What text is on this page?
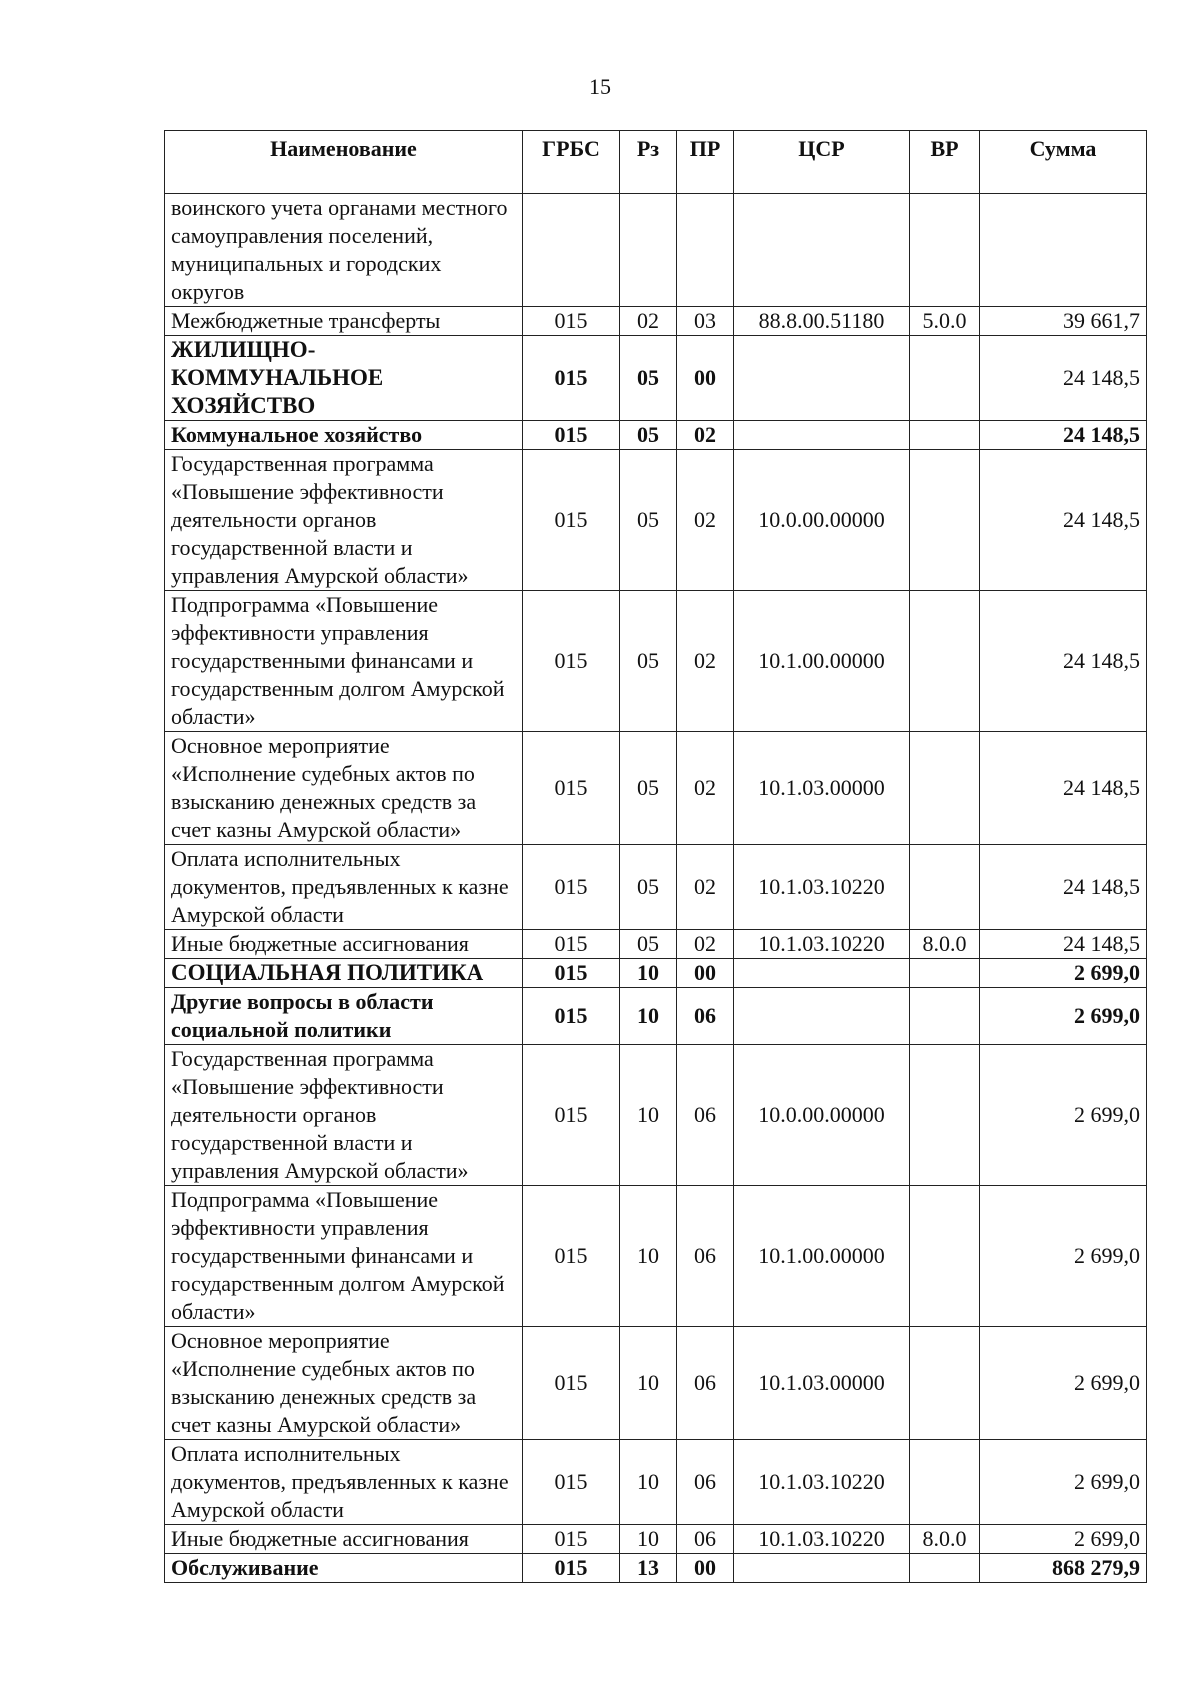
15
Наименование	ГРБС	Рз	ПР	ЦСР	ВР	Сумма
воинского учета органами местного самоуправления поселений, муниципальных и городских округов						
Межбюджетные трансферты	015	02	03	88.8.00.51180	5.0.0	39 661,7
ЖИЛИЩНО-КОММУНАЛЬНОЕ ХОЗЯЙСТВО	015	05	00			24 148,5
Коммунальное хозяйство	015	05	02			24 148,5
Государственная программа «Повышение эффективности деятельности органов государственной власти и управления Амурской области»	015	05	02	10.0.00.00000		24 148,5
Подпрограмма «Повышение эффективности управления государственными финансами и государственным долгом Амурской области»	015	05	02	10.1.00.00000		24 148,5
Основное мероприятие «Исполнение судебных актов по взысканию денежных средств за счет казны Амурской области»	015	05	02	10.1.03.00000		24 148,5
Оплата исполнительных документов, предъявленных к казне Амурской области	015	05	02	10.1.03.10220		24 148,5
Иные бюджетные ассигнования	015	05	02	10.1.03.10220	8.0.0	24 148,5
СОЦИАЛЬНАЯ ПОЛИТИКА	015	10	00			2 699,0
Другие вопросы в области социальной политики	015	10	06			2 699,0
Государственная программа «Повышение эффективности деятельности органов государственной власти и управления Амурской области»	015	10	06	10.0.00.00000		2 699,0
Подпрограмма «Повышение эффективности управления государственными финансами и государственным долгом Амурской области»	015	10	06	10.1.00.00000		2 699,0
Основное мероприятие «Исполнение судебных актов по взысканию денежных средств за счет казны Амурской области»	015	10	06	10.1.03.00000		2 699,0
Оплата исполнительных документов, предъявленных к казне Амурской области	015	10	06	10.1.03.10220		2 699,0
Иные бюджетные ассигнования	015	10	06	10.1.03.10220	8.0.0	2 699,0
Обслуживание	015	13	00			868 279,9
